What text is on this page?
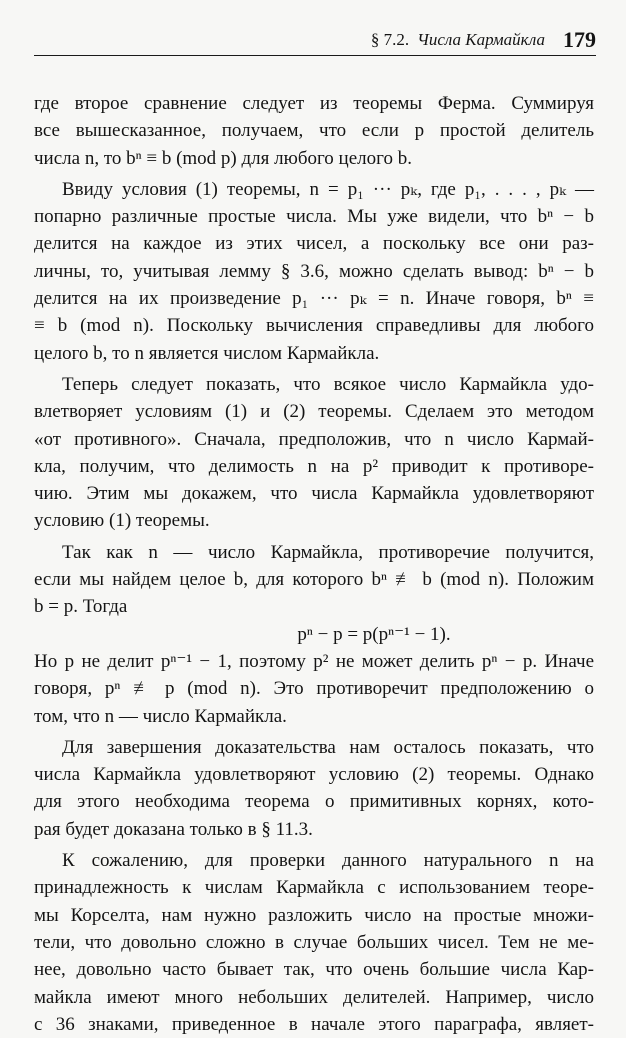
§ 7.2. Числа Кармайкла 179
где второе сравнение следует из теоремы Ферма. Суммируя
все вышесказанное, получаем, что если p простой делитель
числа n, то bⁿ ≡ b (mod p) для любого целого b.
Ввиду условия (1) теоремы, n = p₁ ··· pₖ, где p₁, . . . , pₖ —
попарно различные простые числа. Мы уже видели, что bⁿ − b
делится на каждое из этих чисел, а поскольку все они раз-
личны, то, учитывая лемму § 3.6, можно сделать вывод: bⁿ − b
делится на их произведение p₁ ··· pₖ = n. Иначе говоря, bⁿ ≡
≡ b (mod n). Поскольку вычисления справедливы для любого
целого b, то n является числом Кармайкла.
Теперь следует показать, что всякое число Кармайкла удо-
влетворяет условиям (1) и (2) теоремы. Сделаем это методом
«от противного». Сначала, предположив, что n число Кармай-
кла, получим, что делимость n на p² приводит к противоре-
чию. Этим мы докажем, что числа Кармайкла удовлетворяют
условию (1) теоремы.
Так как n — число Кармайкла, противоречие получится,
если мы найдем целое b, для которого bⁿ ≢ b (mod n). Положим
b = p. Тогда
pⁿ − p = p(pⁿ⁻¹ − 1).
Но p не делит pⁿ⁻¹ − 1, поэтому p² не может делить pⁿ − p. Иначе
говоря, pⁿ ≢ p (mod n). Это противоречит предположению о
том, что n — число Кармайкла.
Для завершения доказательства нам осталось показать, что
числа Кармайкла удовлетворяют условию (2) теоремы. Однако
для этого необходима теорема о примитивных корнях, кото-
рая будет доказана только в § 11.3.
К сожалению, для проверки данного натурального n на
принадлежность к числам Кармайкла с использованием теоре-
мы Корселта, нам нужно разложить число на простые множи-
тели, что довольно сложно в случае больших чисел. Тем не ме-
нее, довольно часто бывает так, что очень большие числа Кар-
майкла имеют много небольших делителей. Например, число
с 36 знаками, приведенное в начале этого параграфа, являет-
